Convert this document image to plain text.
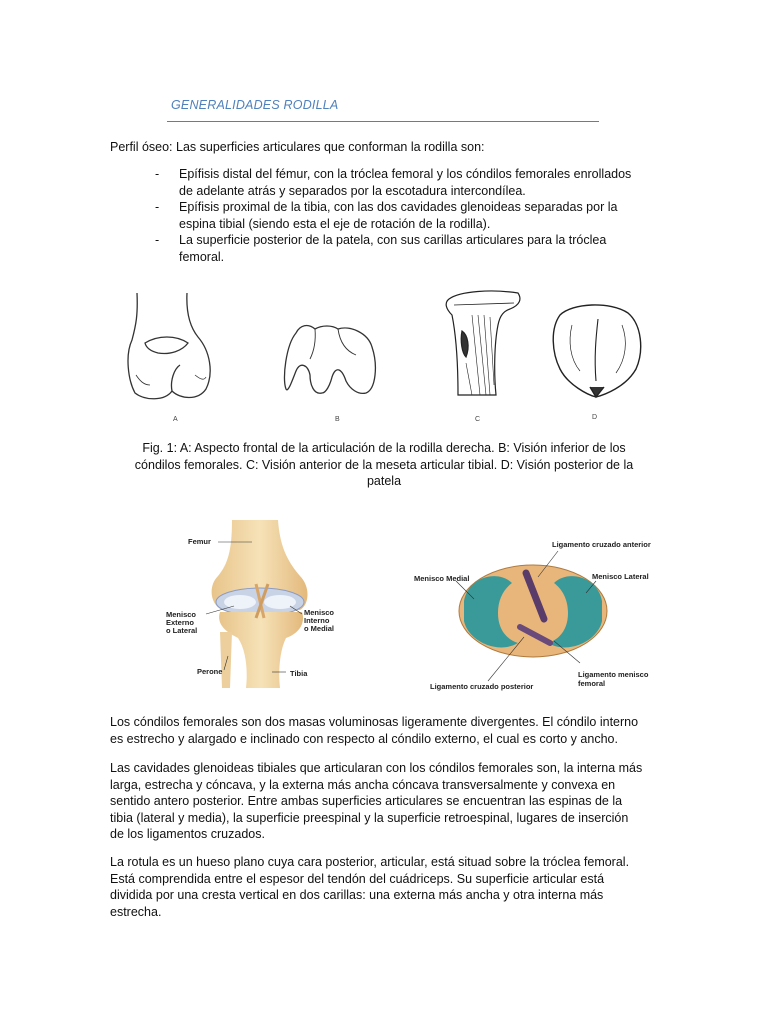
GENERALIDADES RODILLA
Perfil óseo: Las superficies articulares que conforman la rodilla son:
- Epífisis distal del fémur, con la tróclea femoral y los cóndilos femorales enrollados
de adelante atrás y separados por la escotadura intercondílea.
- Epífisis proximal de la tibia, con las dos cavidades glenoideas separadas por la
espina tibial (siendo esta el eje de rotación de la rodilla).
- La superficie posterior de la patela, con sus carillas articulares para la tróclea
femoral.
A	B	C	D
Fig. 1: A: Aspecto frontal de la articulación de la rodilla derecha. B: Visión inferior de los
cóndilos femorales. C: Visión anterior de la meseta articular tibial. D: Visión posterior de la
patela
Femur
Menisco
Externo
o Lateral
Menisco
Interno
o Medial
Perone	Tibia
Ligamento cruzado anterior
Menisco Medial	Menisco Lateral
Ligamento cruzado posterior
Ligamento menisco
femoral
Los cóndilos femorales son dos masas voluminosas ligeramente divergentes. El cóndilo interno
es estrecho y alargado e inclinado con respecto al cóndilo externo, el cual es corto y ancho.
Las cavidades glenoideas tibiales que articularan con los cóndilos femorales son, la interna más
larga, estrecha y cóncava, y la externa más ancha cóncava transversalmente y convexa en
sentido antero posterior. Entre ambas superficies articulares se encuentran las espinas de la
tibia (lateral y media), la superficie preespinal y la superficie retroespinal, lugares de inserción
de los ligamentos cruzados.
La rotula es un hueso plano cuya cara posterior, articular, está situad sobre la tróclea femoral.
Está comprendida entre el espesor del tendón del cuádriceps. Su superficie articular está
dividida por una cresta vertical en dos carillas: una externa más ancha y otra interna más
estrecha.
